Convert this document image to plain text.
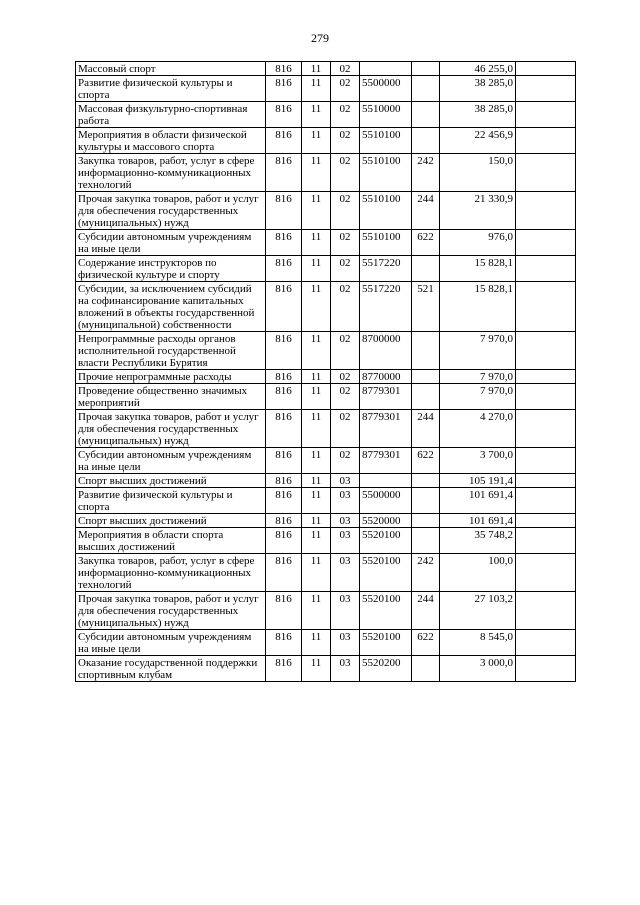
279
Массовый спорт	816	11	02			46 255,0	
Развитие физической культуры и спорта	816	11	02	5500000		38 285,0	
Массовая физкультурно-спортивная работа	816	11	02	5510000		38 285,0	
Мероприятия в области физической культуры и массового спорта	816	11	02	5510100		22 456,9	
Закупка товаров, работ, услуг в сфере информационно-коммуникационных технологий	816	11	02	5510100	242	150,0	
Прочая закупка товаров, работ и услуг для обеспечения государственных (муниципальных) нужд	816	11	02	5510100	244	21 330,9	
Субсидии автономным учреждениям на иные цели	816	11	02	5510100	622	976,0	
Содержание инструкторов по физической культуре и спорту	816	11	02	5517220		15 828,1	
Субсидии, за исключением субсидий на софинансирование капитальных вложений в объекты государственной (муниципальной) собственности	816	11	02	5517220	521	15 828,1	
Непрограммные расходы органов исполнительной государственной власти Республики Бурятия	816	11	02	8700000		7 970,0	
Прочие непрограммные расходы	816	11	02	8770000		7 970,0	
Проведение общественно значимых мероприятий	816	11	02	8779301		7 970,0	
Прочая закупка товаров, работ и услуг для обеспечения государственных (муниципальных) нужд	816	11	02	8779301	244	4 270,0	
Субсидии автономным учреждениям на иные цели	816	11	02	8779301	622	3 700,0	
Спорт высших достижений	816	11	03			105 191,4	
Развитие физической культуры и спорта	816	11	03	5500000		101 691,4	
Спорт высших достижений	816	11	03	5520000		101 691,4	
Мероприятия в области спорта высших достижений	816	11	03	5520100		35 748,2	
Закупка товаров, работ, услуг в сфере информационно-коммуникационных технологий	816	11	03	5520100	242	100,0	
Прочая закупка товаров, работ и услуг для обеспечения государственных (муниципальных) нужд	816	11	03	5520100	244	27 103,2	
Субсидии автономным учреждениям на иные цели	816	11	03	5520100	622	8 545,0	
Оказание государственной поддержки спортивным клубам	816	11	03	5520200		3 000,0	
